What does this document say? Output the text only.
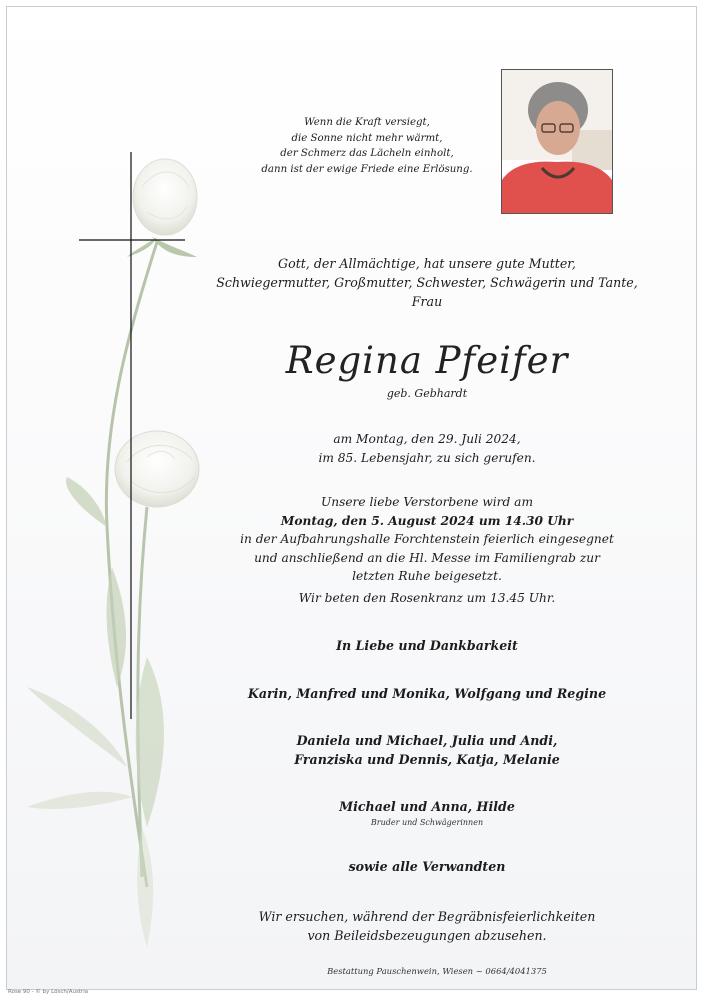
Wenn die Kraft versiegt,
die Sonne nicht mehr wärmt,
der Schmerz das Lächeln einholt,
dann ist der ewige Friede eine Erlösung.
Gott, der Allmächtige, hat unsere gute Mutter,
Schwiegermutter, Großmutter, Schwester, Schwägerin und Tante,
Frau
Regina Pfeifer
geb. Gebhardt
am Montag, den 29. Juli 2024,
im 85. Lebensjahr, zu sich gerufen.
Unsere liebe Verstorbene wird am
Montag, den 5. August 2024 um 14.30 Uhr
in der Aufbahrungshalle Forchtenstein feierlich eingesegnet
und anschließend an die Hl. Messe im Familiengrab zur
letzten Ruhe beigesetzt.
Wir beten den Rosenkranz um 13.45 Uhr.
In Liebe und Dankbarkeit
Karin, Manfred und Monika, Wolfgang und Regine
Daniela und Michael, Julia und Andi,
Franziska und Dennis, Katja, Melanie
Michael und Anna, Hilde
Bruder und Schwägerinnen
sowie alle Verwandten
Wir ersuchen, während der Begräbnisfeierlichkeiten
von Beileidsbezeugungen abzusehen.
Bestattung Pauschenwein, Wiesen ~ 0664/4041375
Rose 90 - © by Lösch/Austria
